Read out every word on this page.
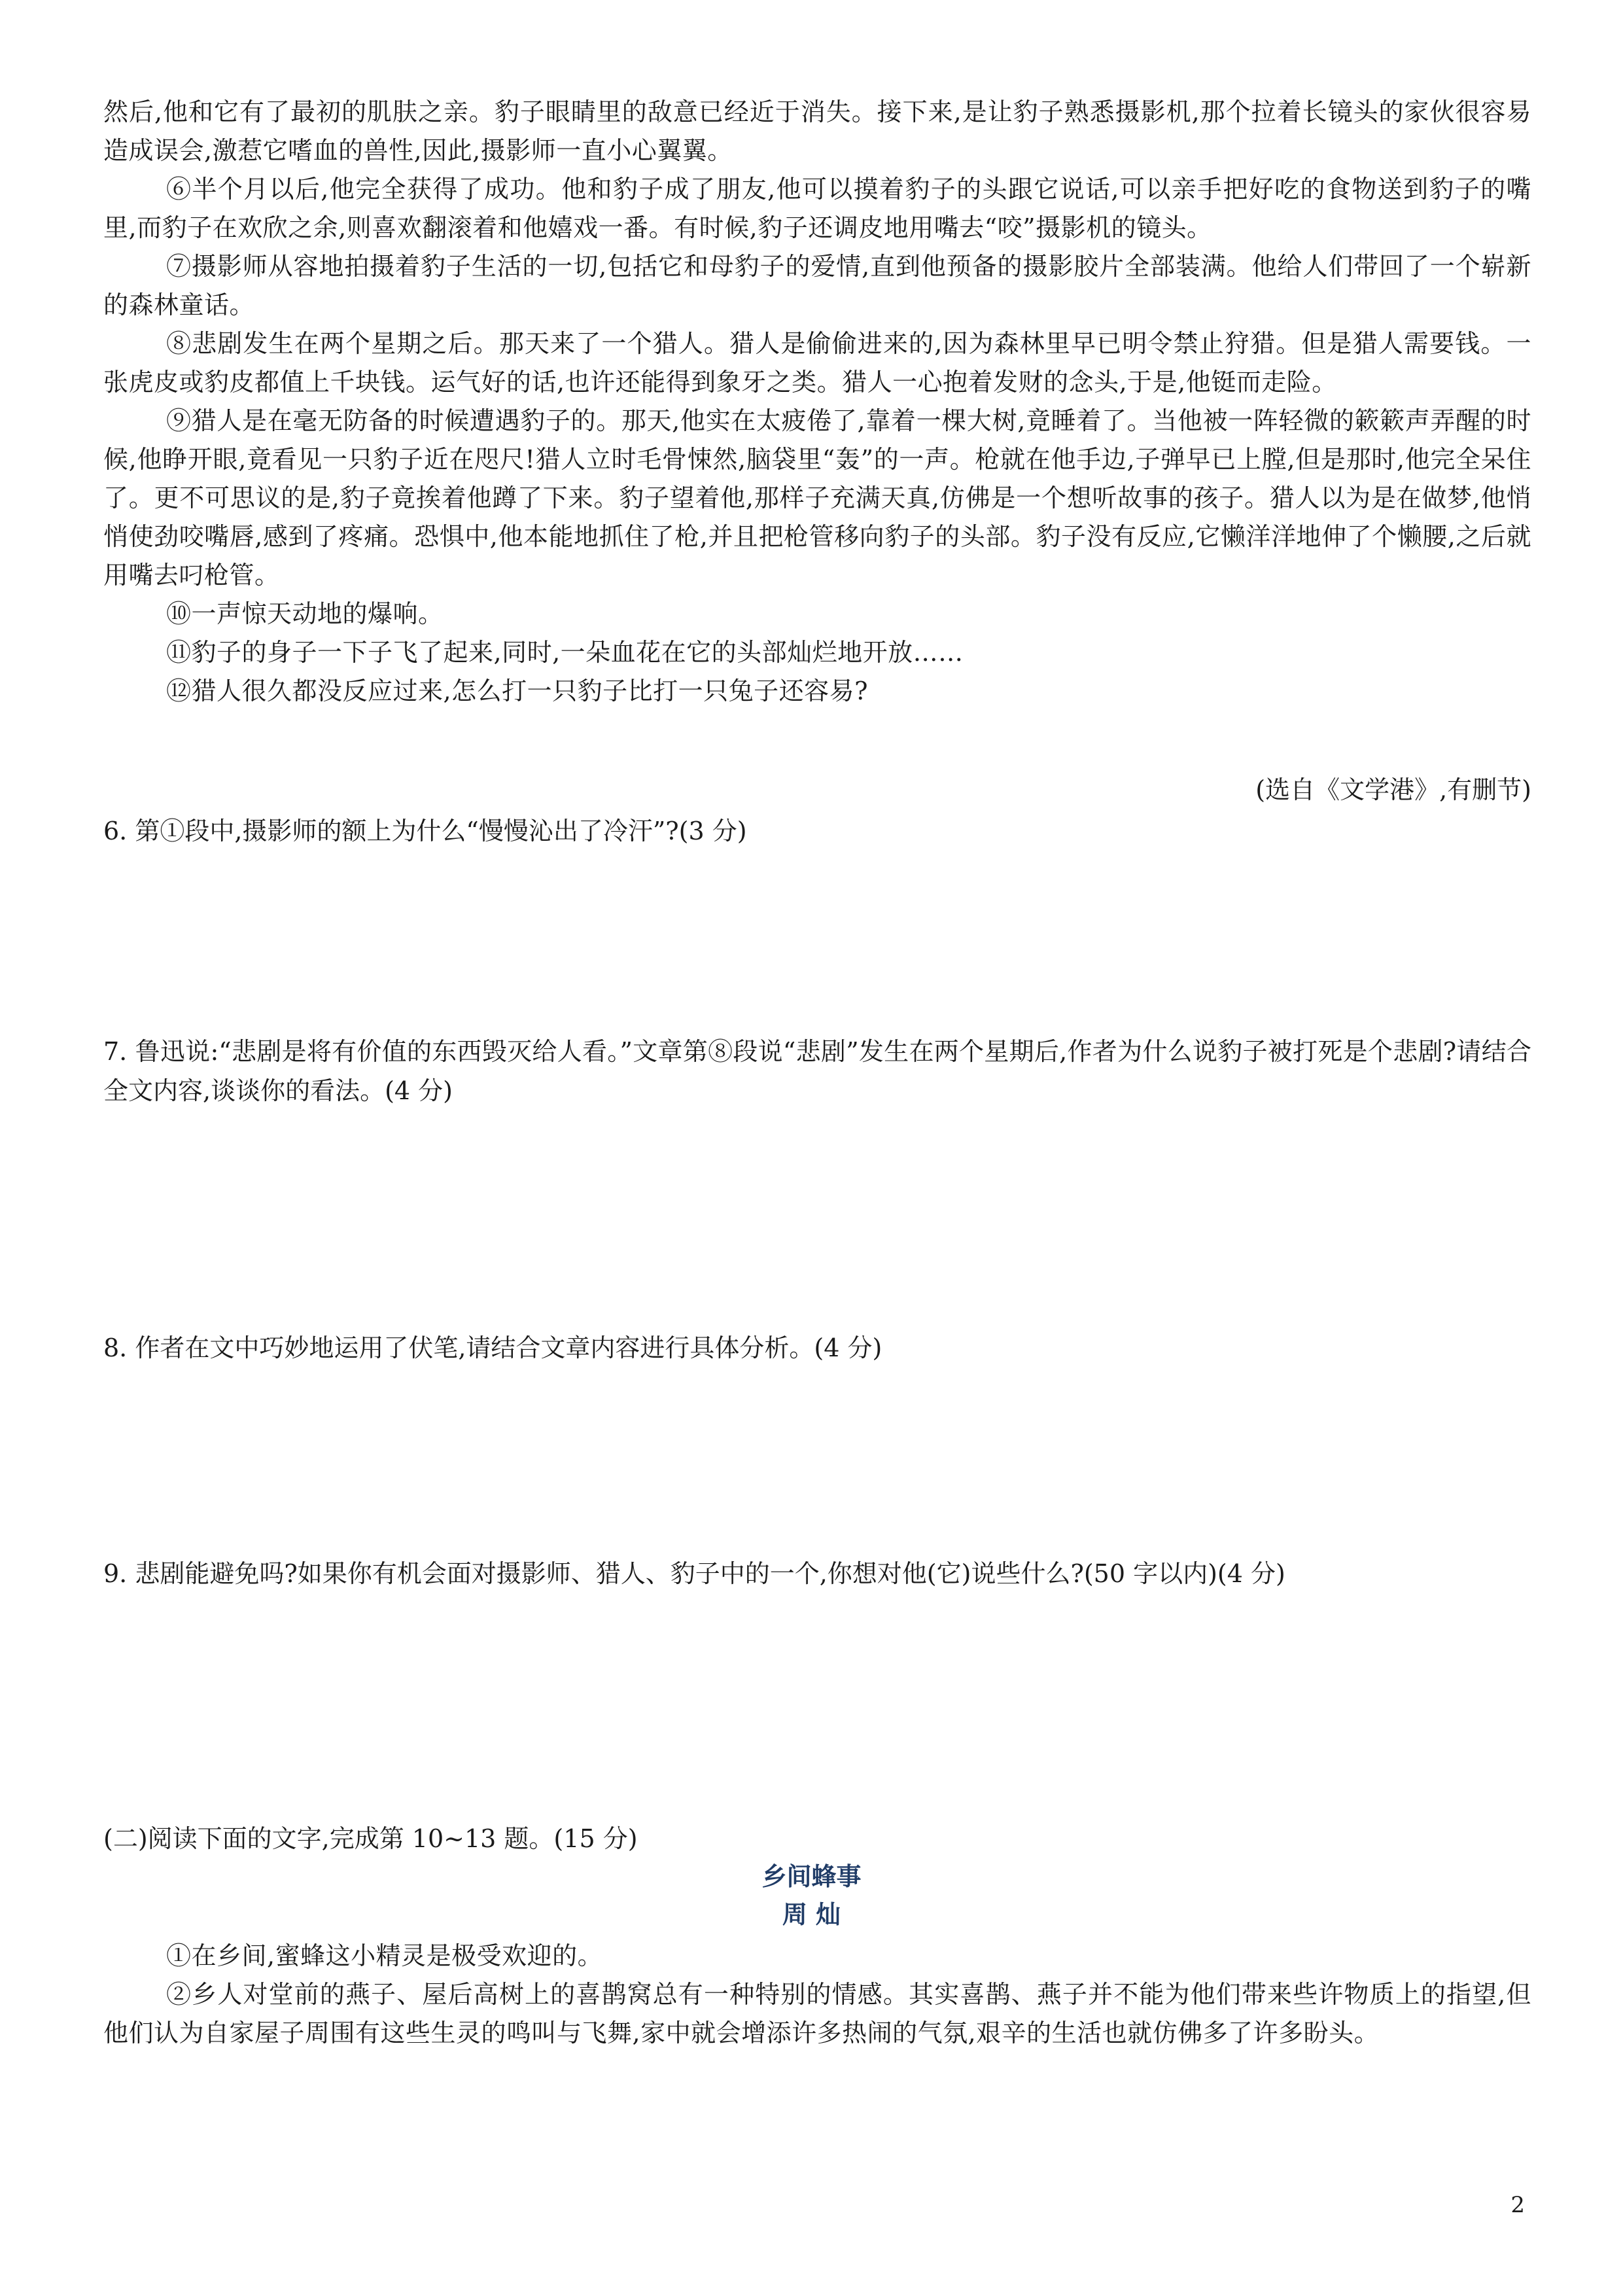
然后,他和它有了最初的肌肤之亲。豹子眼睛里的敌意已经近于消失。接下来,是让豹子熟悉摄影机,那个拉着长镜头的家伙很容易造成误会,激惹它嗜血的兽性,因此,摄影师一直小心翼翼。

⑥半个月以后,他完全获得了成功。他和豹子成了朋友,他可以摸着豹子的头跟它说话,可以亲手把好吃的食物送到豹子的嘴里,而豹子在欢欣之余,则喜欢翻滚着和他嬉戏一番。有时候,豹子还调皮地用嘴去“咬”摄影机的镜头。

⑦摄影师从容地拍摄着豹子生活的一切,包括它和母豹子的爱情,直到他预备的摄影胶片全部装满。他给人们带回了一个崭新的森林童话。

⑧悲剧发生在两个星期之后。那天来了一个猎人。猎人是偷偷进来的,因为森林里早已明令禁止狩猎。但是猎人需要钱。一张虎皮或豹皮都值上千块钱。运气好的话,也许还能得到象牙之类。猎人一心抱着发财的念头,于是,他铤而走险。

⑨猎人是在毫无防备的时候遭遇豹子的。那天,他实在太疲倦了,靠着一棵大树,竟睡着了。当他被一阵轻微的簌簌声弄醒的时候,他睁开眼,竟看见一只豹子近在咫尺!猎人立时毛骨悚然,脑袋里“轰”的一声。枪就在他手边,子弹早已上膛,但是那时,他完全呆住了。更不可思议的是,豹子竟挨着他蹲了下来。豹子望着他,那样子充满天真,仿佛是一个想听故事的孩子。猎人以为是在做梦,他悄悄使劲咬嘴唇,感到了疼痛。恐惧中,他本能地抓住了枪,并且把枪管移向豹子的头部。豹子没有反应,它懒洋洋地伸了个懒腰,之后就用嘴去叼枪管。

⑩一声惊天动地的爆响。

⑪豹子的身子一下子飞了起来,同时,一朵血花在它的头部灿烂地开放……

⑫猎人很久都没反应过来,怎么打一只豹子比打一只兔子还容易?

(选自《文学港》,有删节)

6. 第①段中,摄影师的额上为什么“慢慢沁出了冷汗”?(3 分)

7. 鲁迅说:“悲剧是将有价值的东西毁灭给人看。”文章第⑧段说“悲剧”发生在两个星期后,作者为什么说豹子被打死是个悲剧?请结合全文内容,谈谈你的看法。(4 分)

8. 作者在文中巧妙地运用了伏笔,请结合文章内容进行具体分析。(4 分)

9. 悲剧能避免吗?如果你有机会面对摄影师、猎人、豹子中的一个,你想对他(它)说些什么?(50 字以内)(4 分)

(二)阅读下面的文字,完成第 10~13 题。(15 分)
乡间蜂事
周 灿

①在乡间,蜜蜂这小精灵是极受欢迎的。

②乡人对堂前的燕子、屋后高树上的喜鹊窝总有一种特别的情感。其实喜鹊、燕子并不能为他们带来些许物质上的指望,但他们认为自家屋子周围有这些生灵的鸣叫与飞舞,家中就会增添许多热闹的气氛,艰辛的生活也就仿佛多了许多盼头。

2
